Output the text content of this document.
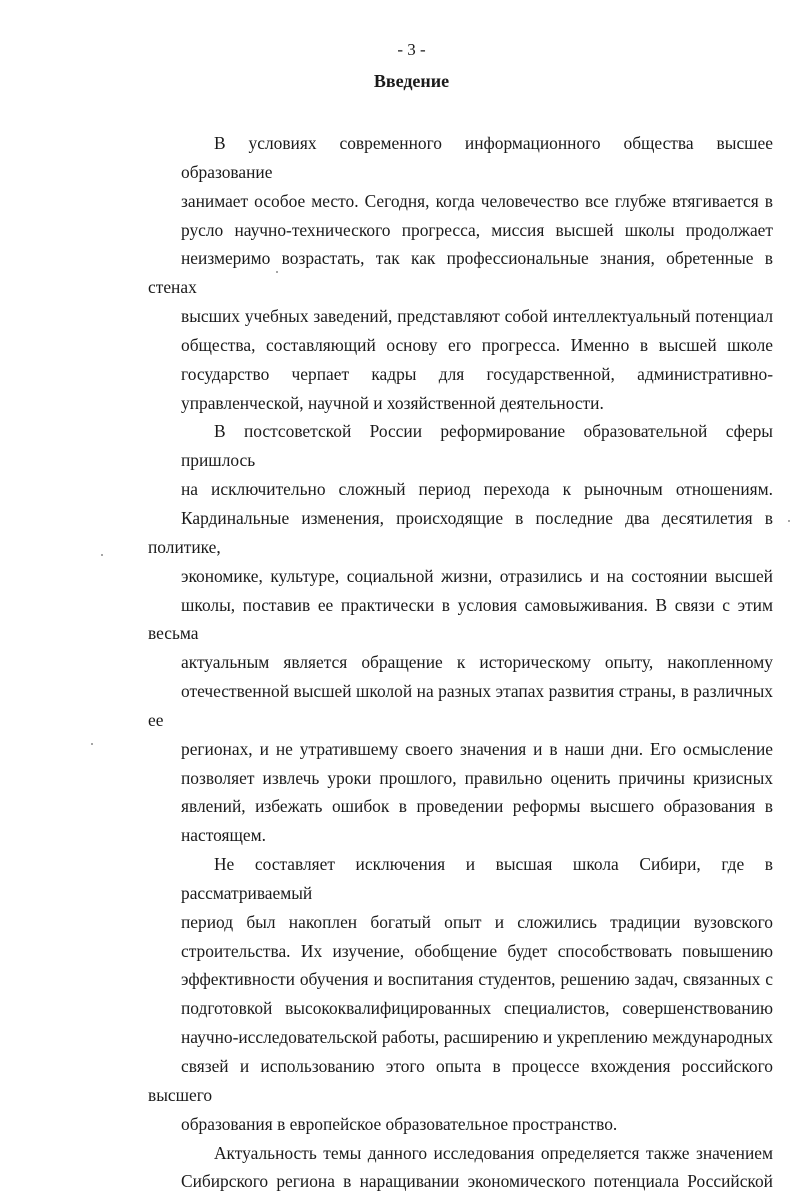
- 3 -
Введение
В условиях современного информационного общества высшее образование
занимает особое место. Сегодня, когда человечество все глубже втягивается в
русло научно-технического прогресса, миссия высшей школы продолжает
неизмеримо возрастать, так как профессиональные знания, обретенные в стенах
высших учебных заведений, представляют собой интеллектуальный потенциал
общества, составляющий основу его прогресса. Именно в высшей школе
государство черпает кадры для государственной, административно-
управленческой, научной и хозяйственной деятельности.
В постсоветской России реформирование образовательной сферы пришлось
на исключительно сложный период перехода к рыночным отношениям.
Кардинальные изменения, происходящие в последние два десятилетия в политике,
экономике, культуре, социальной жизни, отразились и на состоянии высшей
школы, поставив ее практически в условия самовыживания. В связи с этим весьма
актуальным является обращение к историческому опыту, накопленному
отечественной высшей школой на разных этапах развития страны, в различных ее
регионах, и не утратившему своего значения и в наши дни. Его осмысление
позволяет извлечь уроки прошлого, правильно оценить причины кризисных
явлений, избежать ошибок в проведении реформы высшего образования в
настоящем.
Не составляет исключения и высшая школа Сибири, где в рассматриваемый
период был накоплен богатый опыт и сложились традиции вузовского
строительства. Их изучение, обобщение будет способствовать повышению
эффективности обучения и воспитания студентов, решению задач, связанных с
подготовкой высококвалифицированных специалистов, совершенствованию
научно-исследовательской работы, расширению и укреплению международных
связей и использованию этого опыта в процессе вхождения российского высшего
образования в европейское образовательное пространство.
Актуальность темы данного исследования определяется также значением
Сибирского региона в наращивании экономического потенциала Российской
